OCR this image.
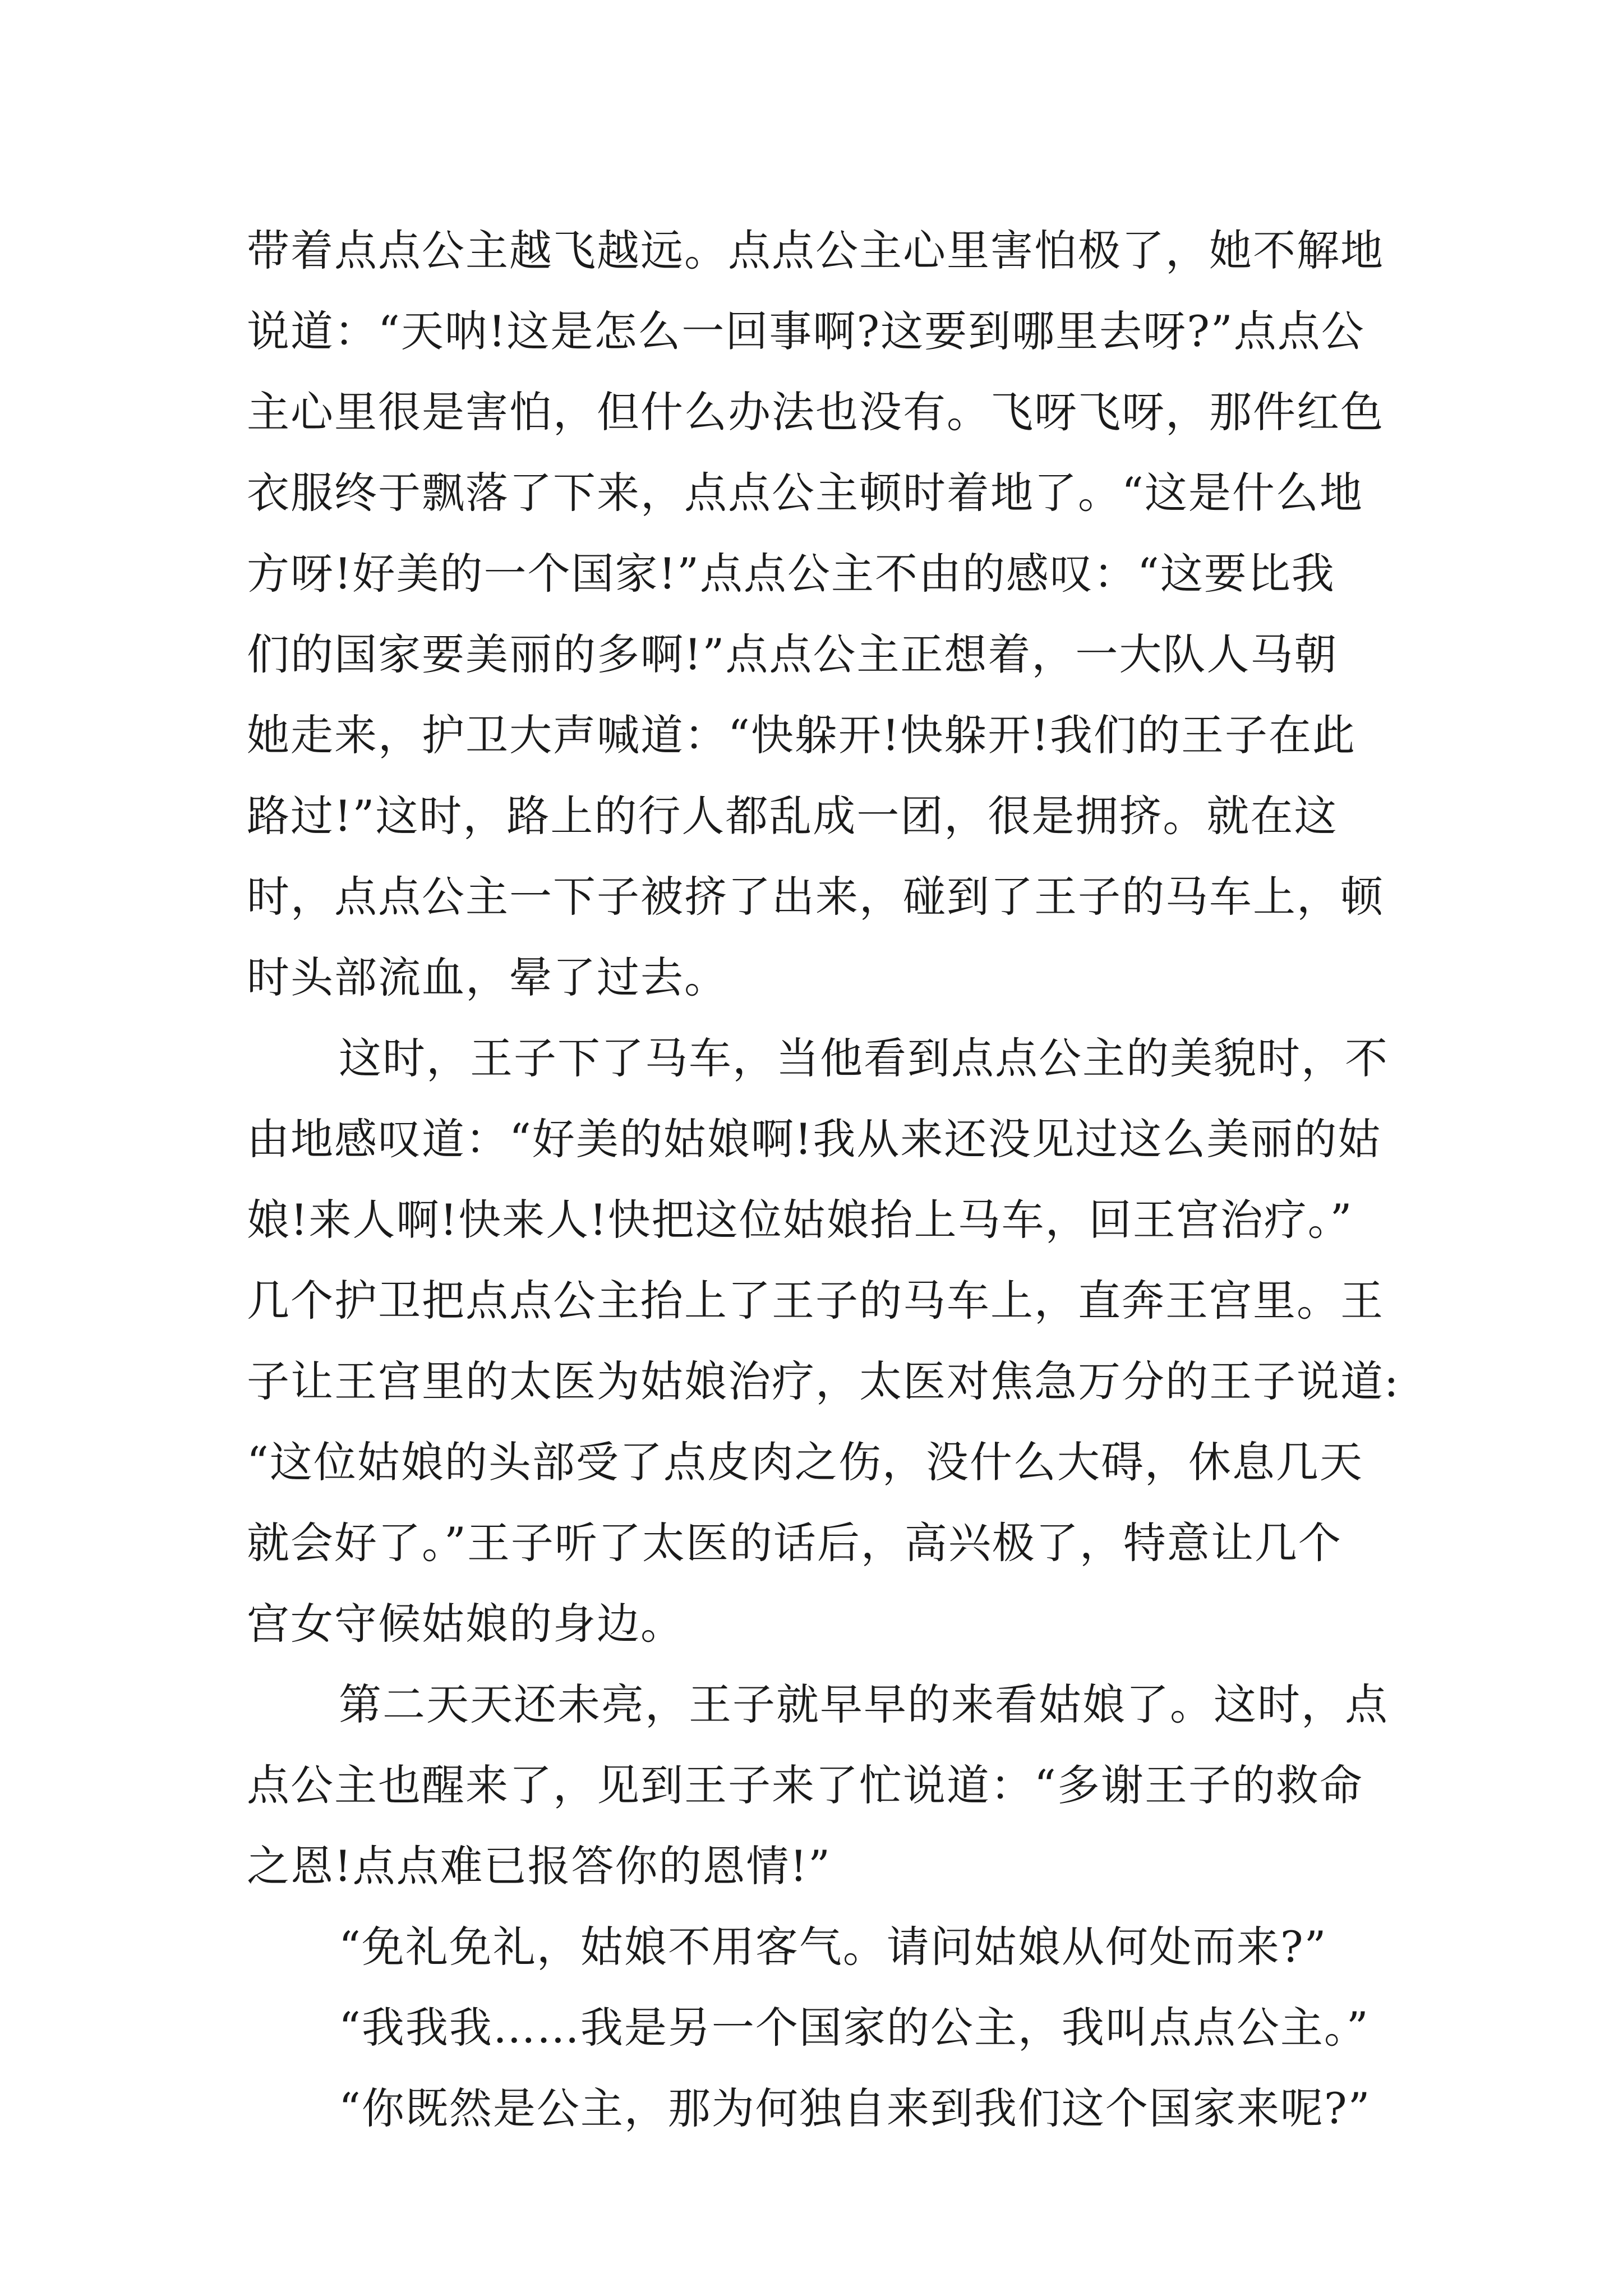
带着点点公主越飞越远。点点公主心里害怕极了，她不解地
说道：“天呐!这是怎么一回事啊?这要到哪里去呀?”点点公
主心里很是害怕，但什么办法也没有。飞呀飞呀，那件红色
衣服终于飘落了下来，点点公主顿时着地了。“这是什么地
方呀!好美的一个国家!”点点公主不由的感叹：“这要比我
们的国家要美丽的多啊!”点点公主正想着，一大队人马朝
她走来，护卫大声喊道：“快躲开!快躲开!我们的王子在此
路过!”这时，路上的行人都乱成一团，很是拥挤。就在这
时，点点公主一下子被挤了出来，碰到了王子的马车上，顿
时头部流血，晕了过去。
这时，王子下了马车，当他看到点点公主的美貌时，不
由地感叹道：“好美的姑娘啊!我从来还没见过这么美丽的姑
娘!来人啊!快来人!快把这位姑娘抬上马车，回王宫治疗。”
几个护卫把点点公主抬上了王子的马车上，直奔王宫里。王
子让王宫里的太医为姑娘治疗，太医对焦急万分的王子说道:
“这位姑娘的头部受了点皮肉之伤，没什么大碍，休息几天
就会好了。”王子听了太医的话后，高兴极了，特意让几个
宫女守候姑娘的身边。
第二天天还未亮，王子就早早的来看姑娘了。这时，点
点公主也醒来了，见到王子来了忙说道：“多谢王子的救命
之恩!点点难已报答你的恩情!”
“免礼免礼，姑娘不用客气。请问姑娘从何处而来?”
“我我我……我是另一个国家的公主，我叫点点公主。”
“你既然是公主，那为何独自来到我们这个国家来呢?”
